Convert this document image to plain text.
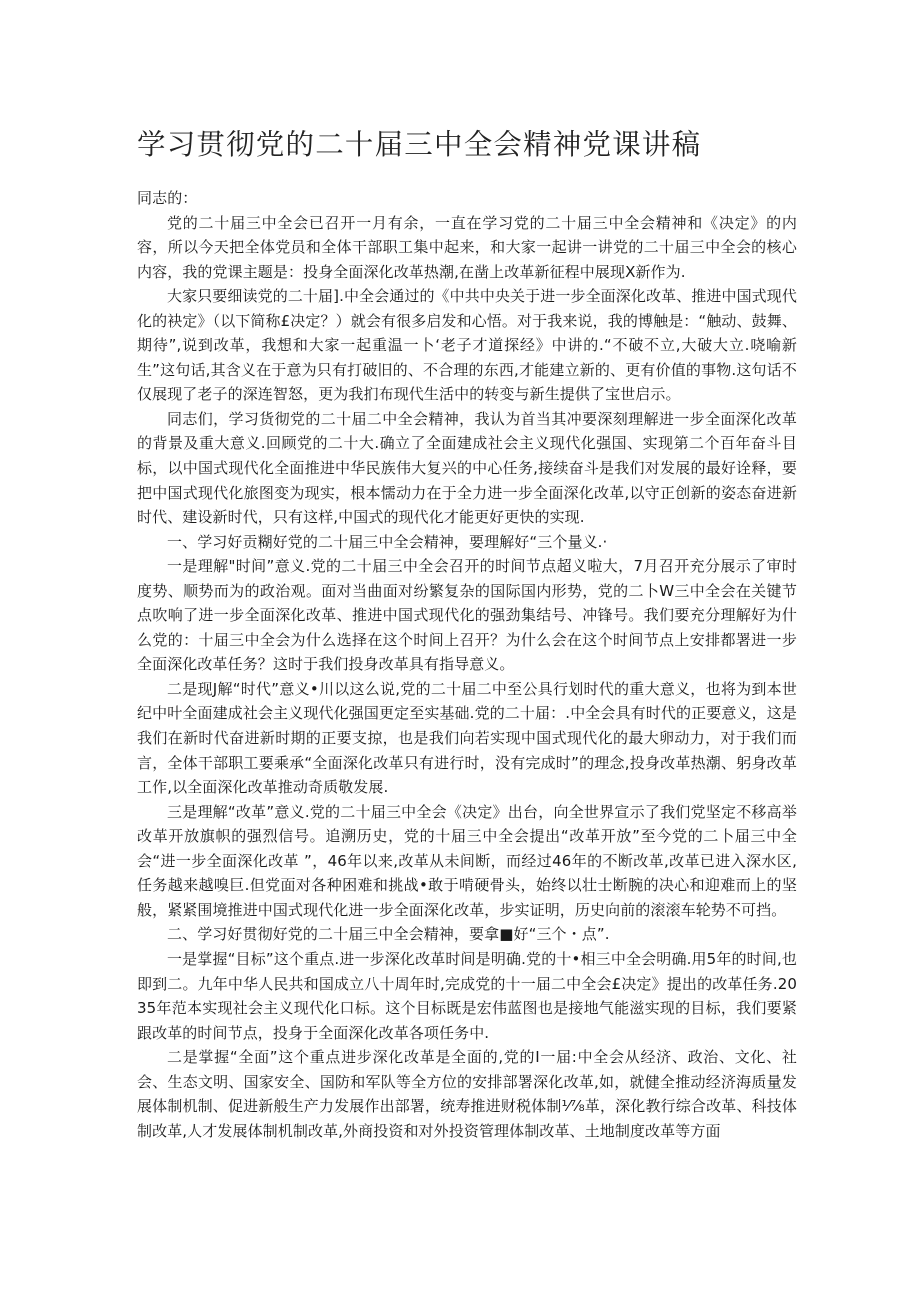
学习贯彻党的二十届三中全会精神党课讲稿

同志的：

党的二十届三中全会已召开一月有余，一直在学习党的二十届三中全会精神和《决定》的内容，所以今天把全体党员和全体干部职工集中起来，和大家一起讲一讲党的二十届三中全会的核心内容，我的党课主题是：投身全面深化改革热潮,在凿上改革新征程中展现X新作为.

大家只要细读党的二十届].中全会通过的《中共中央关于进一步全面深化改革、推进中国式现代化的袂定》（以下简称£决定？）就会有很多启发和心悟。对于我来说，我的博触是：“触动、鼓舞、期待”,说到改革，我想和大家一起重温一卜‘老子才道探经》中讲的.“不破不立,大破大立.哓喻新生”这句话,其含义在于意为只有打破旧的、不合理的东西,才能建立新的、更有价值的事物.这句话不仅展现了老子的深连智怒，更为我扪布现代生活中的转变与新生提供了宝世启示。

同志们，学习货彻党的二十届二中全会精神，我认为首当其冲要深刻理解进一步全面深化改革的背景及重大意义.回顾党的二十大.确立了全面建成社会主义现代化强国、实现第二个百年奋斗目标，以中国式现代化全面推进中华民族伟大复兴的中心任务,接续奋斗是我们对发展的最好诠释，要把中国式现代化旅图变为现实，根本懦动力在于全力进一步全面深化改革,以守正创新的姿态奋进新时代、建设新时代，只有这样,中国式的现代化才能更好更快的实现.

一、学习好贡糊好党的二十届三中全会精神，要理解好“三个量义.·

一是理解"时间”意义.党的二十届三中全会召开的时间节点超义啦大，7月召开充分展示了审时度势、顺势而为的政治观。面对当曲面对纷繁复杂的国际国内形势，党的二卜W三中全会在关键节点吹响了进一步全面深化改革、推进中国式现代化的强劲集结号、冲锋号。我们要充分理解好为什么党的：十届三中全会为什么选择在这个时间上召开？为什么会在这个时间节点上安排都署进一步全面深化改革任务？这时于我们投身改革具有指导意义。

二是现J解“时代”意义•川以这么说,党的二十届二中至公具行划时代的重大意义，也将为到本世纪中叶全面建成社会主义现代化强国更定至实基础.党的二十届：.中全会具有时代的正要意义，这是我们在新时代奋进新时期的正要支掠，也是我们向若实现中国式现代化的最大卵动力，对于我们而言，全体干部职工要乘承“全面深化改革只有进行时，没有完成时”的理念,投身改革热潮、躬身改革工作,以全面深化改革推动奇质敬发展.

三是理解“改革”意义.党的二十届三中全会《决定》出台，向全世界宣示了我们党坚定不移高举改革开放旗帜的强烈信号。追溯历史，党的十届三中全会提出“改革开放”至今党的二卜届三中全会“进一步全面深化改革 ”，46年以来,改革从未间断，而经过46年的不断改革,改革已进入深水区,任务越来越嗅巨.但党面对各种困难和挑战•敢于啃硬骨头，始终以壮士断腕的决心和迎难而上的坚般，紧紧围境推进中国式现代化进一步全面深化改革，步实证明，历史向前的滚滚车轮势不可挡。

二、学习好贯彻好党的二十届三中全会精神，要拿■好“三个・点”.

一是掌握“目标”这个重点.进一步深化改革时间是明确.党的十•相三中全会明确.用5年的时间,也即到二。九年中华人民共和国成立八十周年时,完成党的十一届二中全会£决定》提出的改革任务.2035年范本实现社会主义现代化口标。这个目标既是宏伟蓝图也是接地气能滋实现的目标，我们要紧跟改革的时间节点，投身于全面深化改革各项任务中.

二是掌握“全面”这个重点进步深化改革是全面的,党的I一届:中全会从经济、政治、文化、社会、生态文明、国家安全、国防和军队等全方位的安排部署深化改革,如，就健全推动经济海质量发展体制机制、促进新般生产力发展作出部署，统寿推进财税体制⅟⅞革，深化教行综合改革、科技体制改革,人才发展体制机制改革,外商投资和对外投资管理体制改革、土地制度改革等方面
